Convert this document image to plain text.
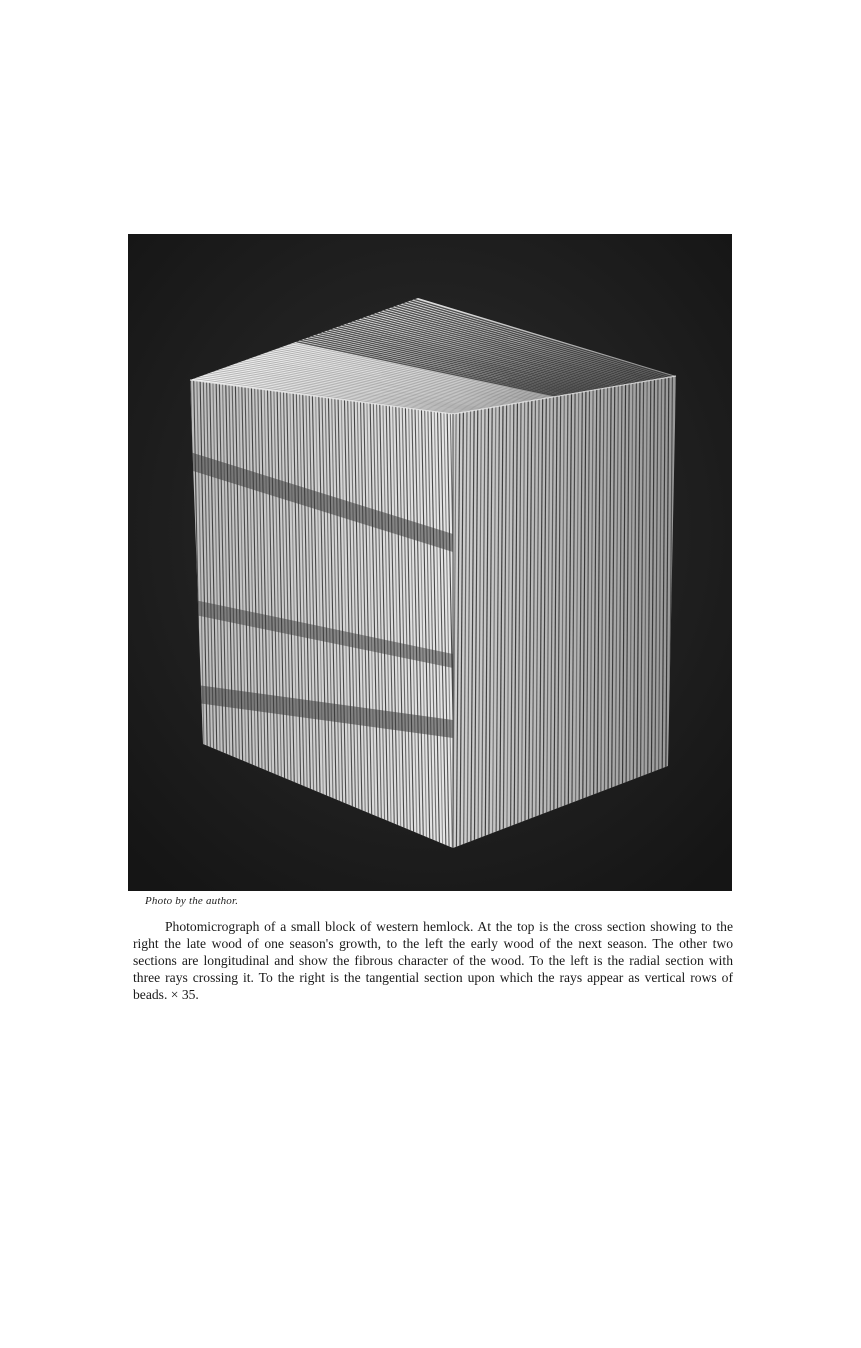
Photo by the author.

Photomicrograph of a small block of western hemlock. At the top is the cross section showing to the right the late wood of one season's growth, to the left the early wood of the next season. The other two sections are longitudinal and show the fibrous character of the wood. To the left is the radial section with three rays crossing it. To the right is the tangential section upon which the rays appear as vertical rows of beads. × 35.
